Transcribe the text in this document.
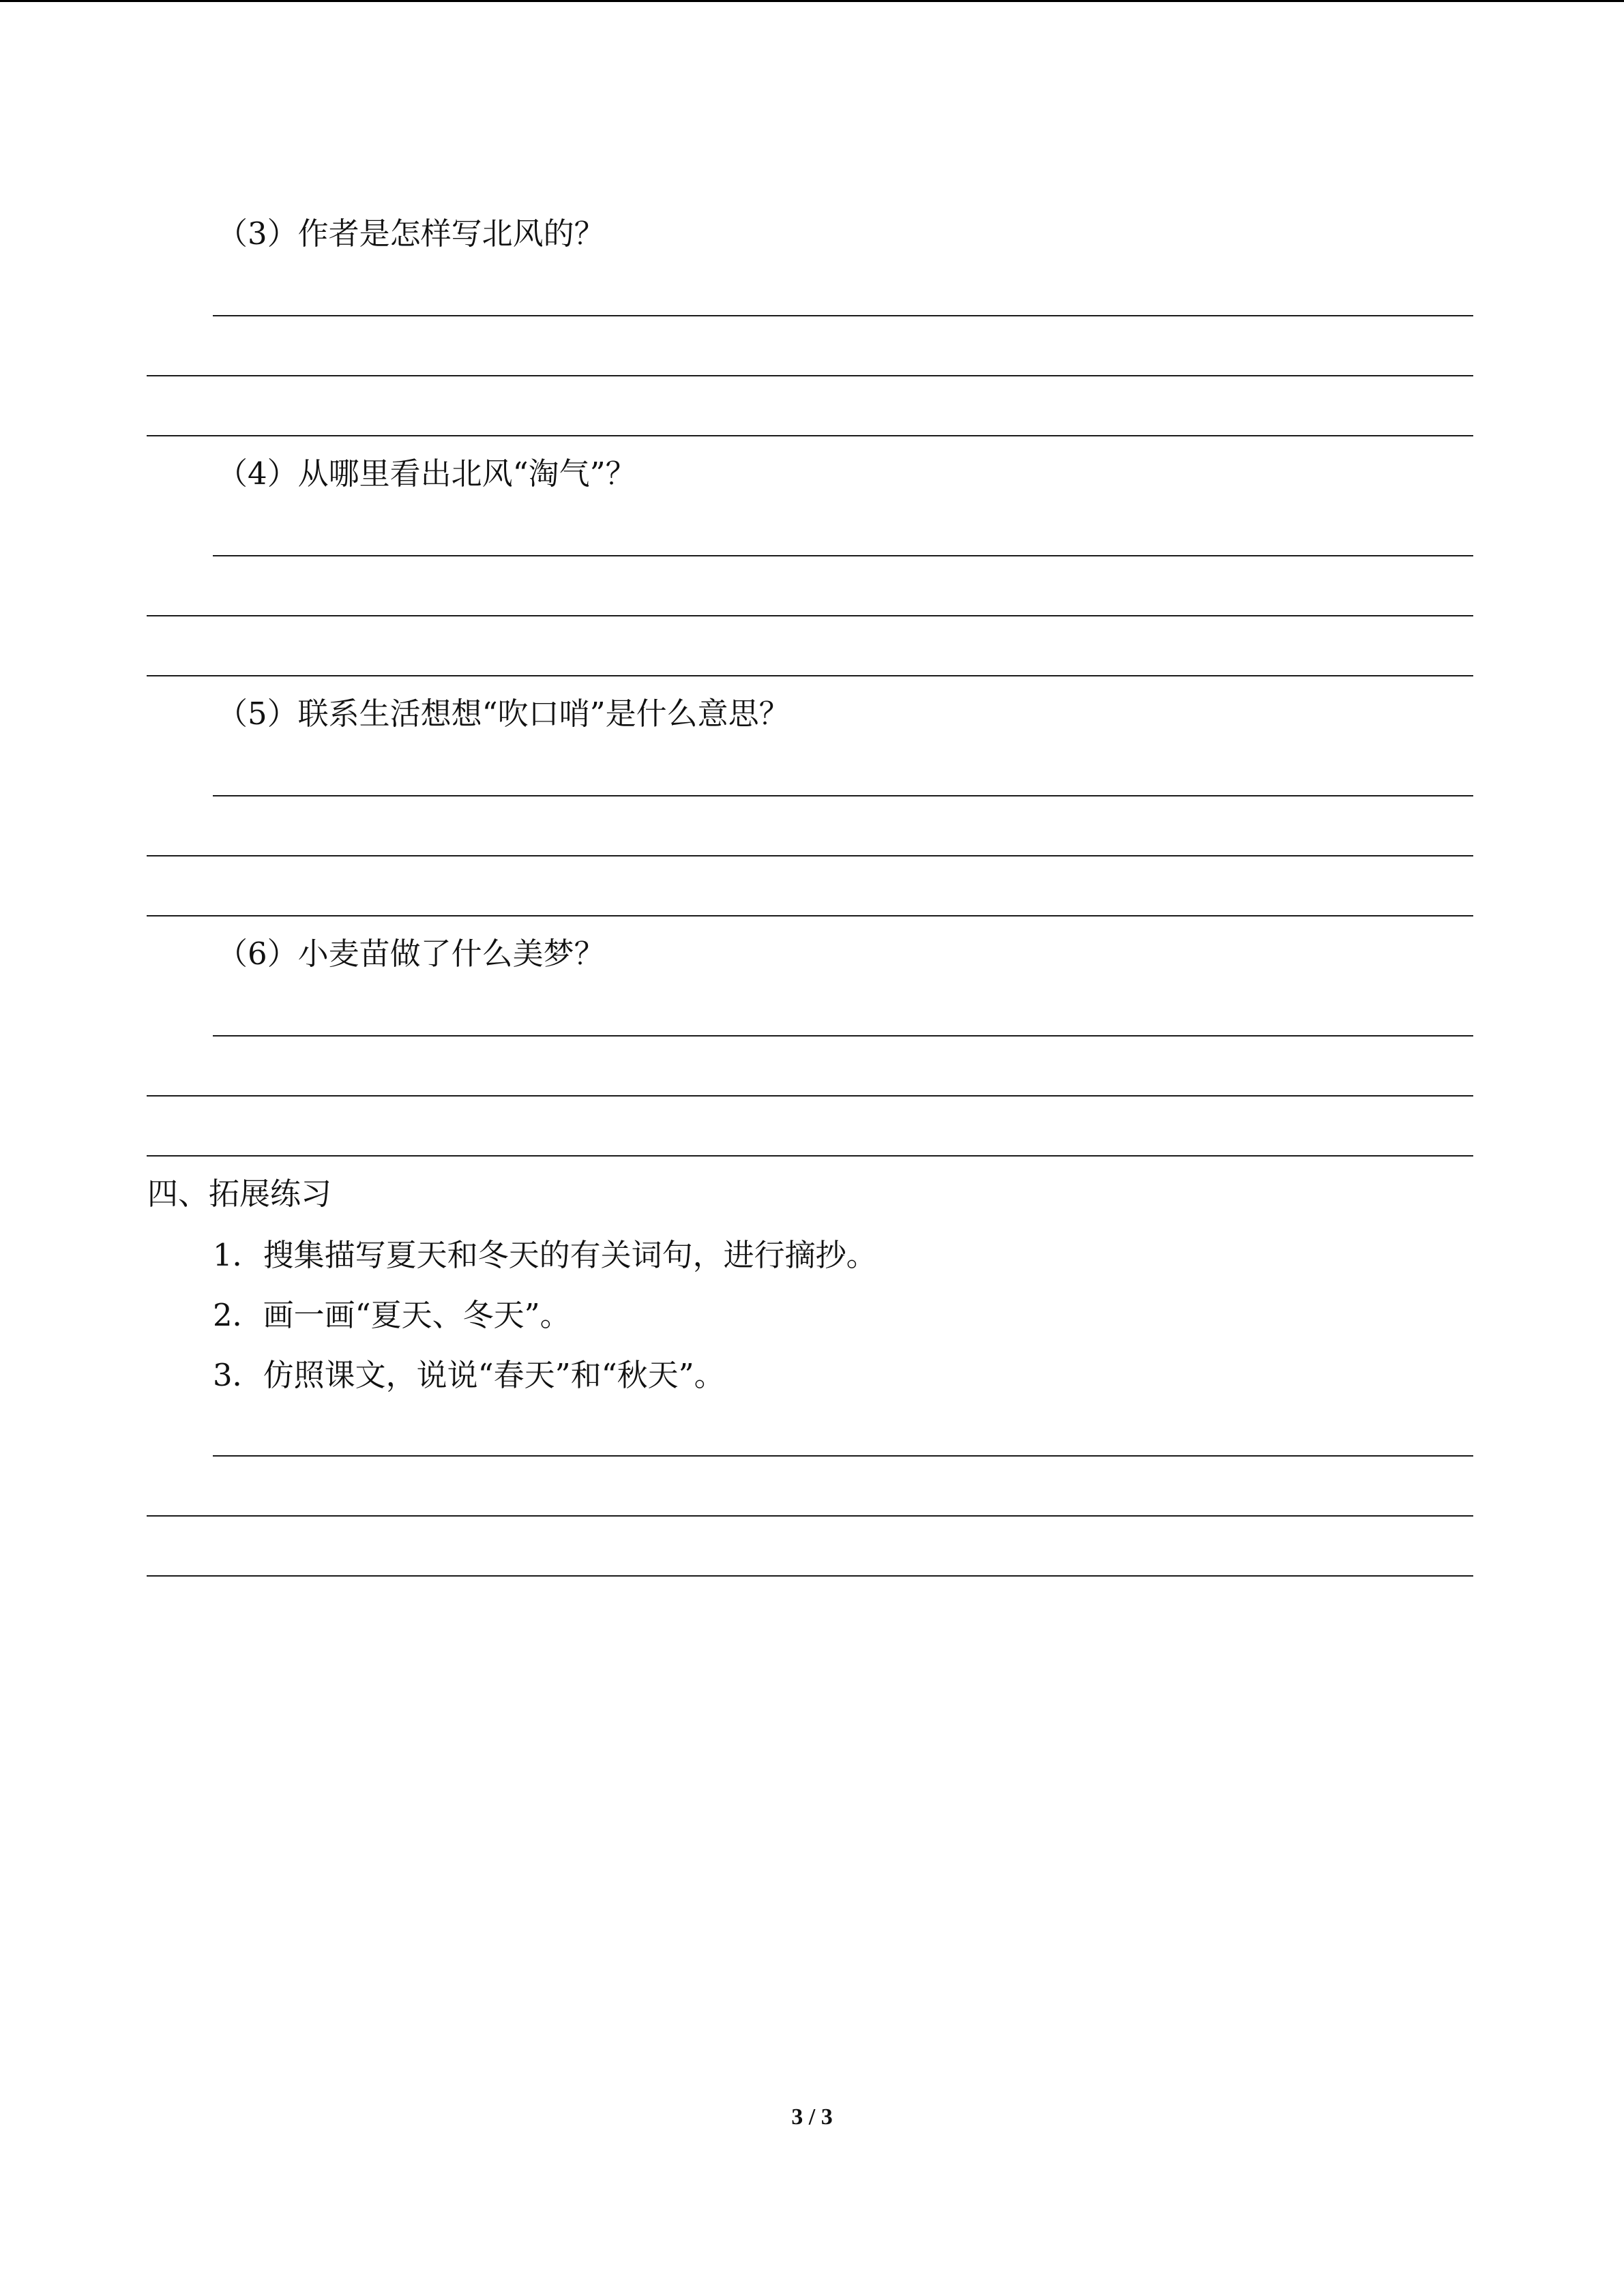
（3）作者是怎样写北风的？
（4）从哪里看出北风“淘气”？
（5）联系生活想想“吹口哨”是什么意思？
（6）小麦苗做了什么美梦？
四、拓展练习
1．搜集描写夏天和冬天的有关词句，进行摘抄。
2．画一画“夏天、冬天”。
3．仿照课文，说说“春天”和“秋天”。
3 / 3
